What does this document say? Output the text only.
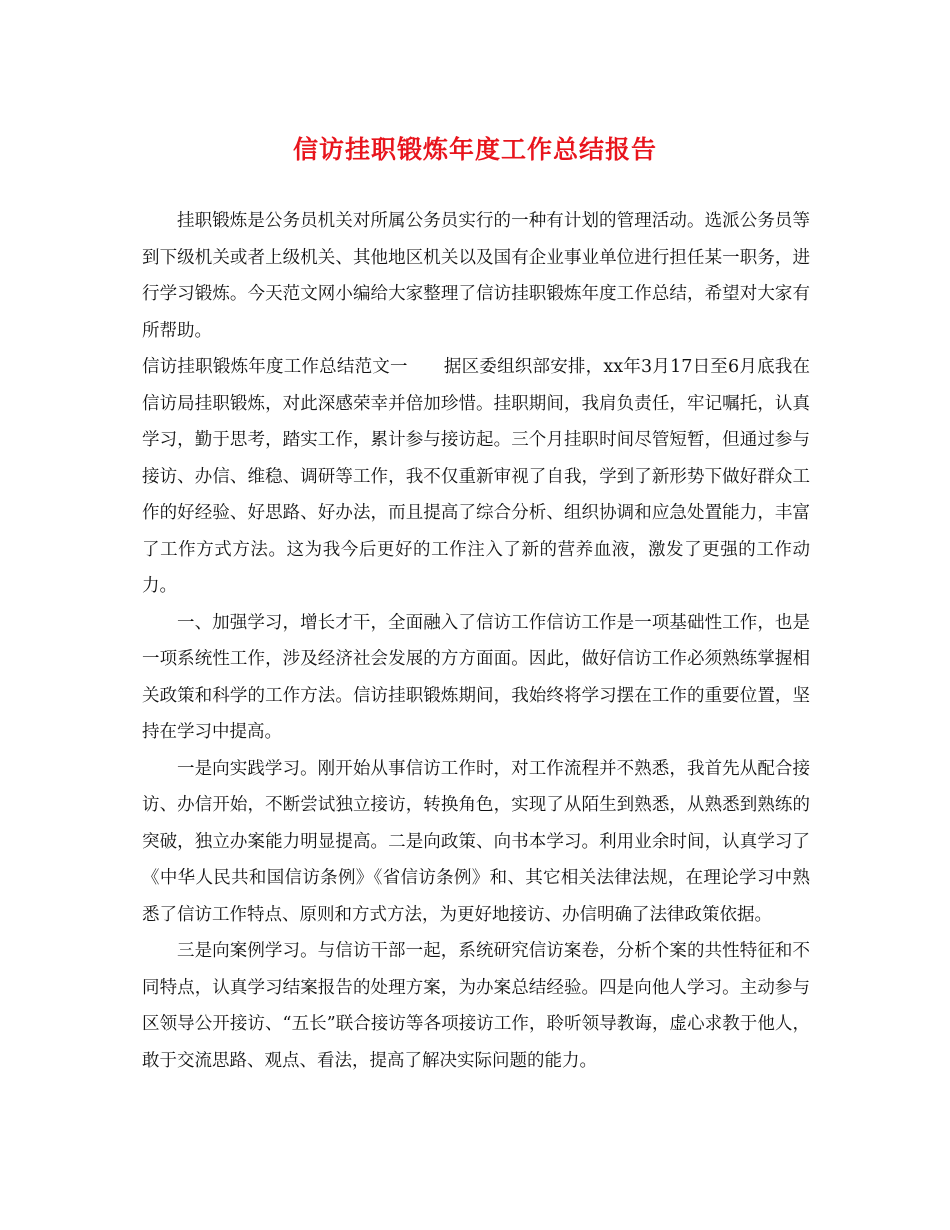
信访挂职锻炼年度工作总结报告

挂职锻炼是公务员机关对所属公务员实行的一种有计划的管理活动。选派公务员等到下级机关或者上级机关、其他地区机关以及国有企业事业单位进行担任某一职务，进行学习锻炼。今天范文网小编给大家整理了信访挂职锻炼年度工作总结，希望对大家有所帮助。

信访挂职锻炼年度工作总结范文一 据区委组织部安排，xx年3月17日至6月底我在信访局挂职锻炼，对此深感荣幸并倍加珍惜。挂职期间，我肩负责任，牢记嘱托，认真学习，勤于思考，踏实工作，累计参与接访起。三个月挂职时间尽管短暂，但通过参与接访、办信、维稳、调研等工作，我不仅重新审视了自我，学到了新形势下做好群众工作的好经验、好思路、好办法，而且提高了综合分析、组织协调和应急处置能力，丰富了工作方式方法。这为我今后更好的工作注入了新的营养血液，激发了更强的工作动力。

一、加强学习，增长才干，全面融入了信访工作信访工作是一项基础性工作，也是一项系统性工作，涉及经济社会发展的方方面面。因此，做好信访工作必须熟练掌握相关政策和科学的工作方法。信访挂职锻炼期间，我始终将学习摆在工作的重要位置，坚持在学习中提高。

一是向实践学习。刚开始从事信访工作时，对工作流程并不熟悉，我首先从配合接访、办信开始，不断尝试独立接访，转换角色，实现了从陌生到熟悉，从熟悉到熟练的突破，独立办案能力明显提高。二是向政策、向书本学习。利用业余时间，认真学习了《中华人民共和国信访条例》《省信访条例》和、其它相关法律法规，在理论学习中熟悉了信访工作特点、原则和方式方法，为更好地接访、办信明确了法律政策依据。

三是向案例学习。与信访干部一起，系统研究信访案卷，分析个案的共性特征和不同特点，认真学习结案报告的处理方案，为办案总结经验。四是向他人学习。主动参与区领导公开接访、“五长”联合接访等各项接访工作，聆听领导教诲，虚心求教于他人，敢于交流思路、观点、看法，提高了解决实际问题的能力。
